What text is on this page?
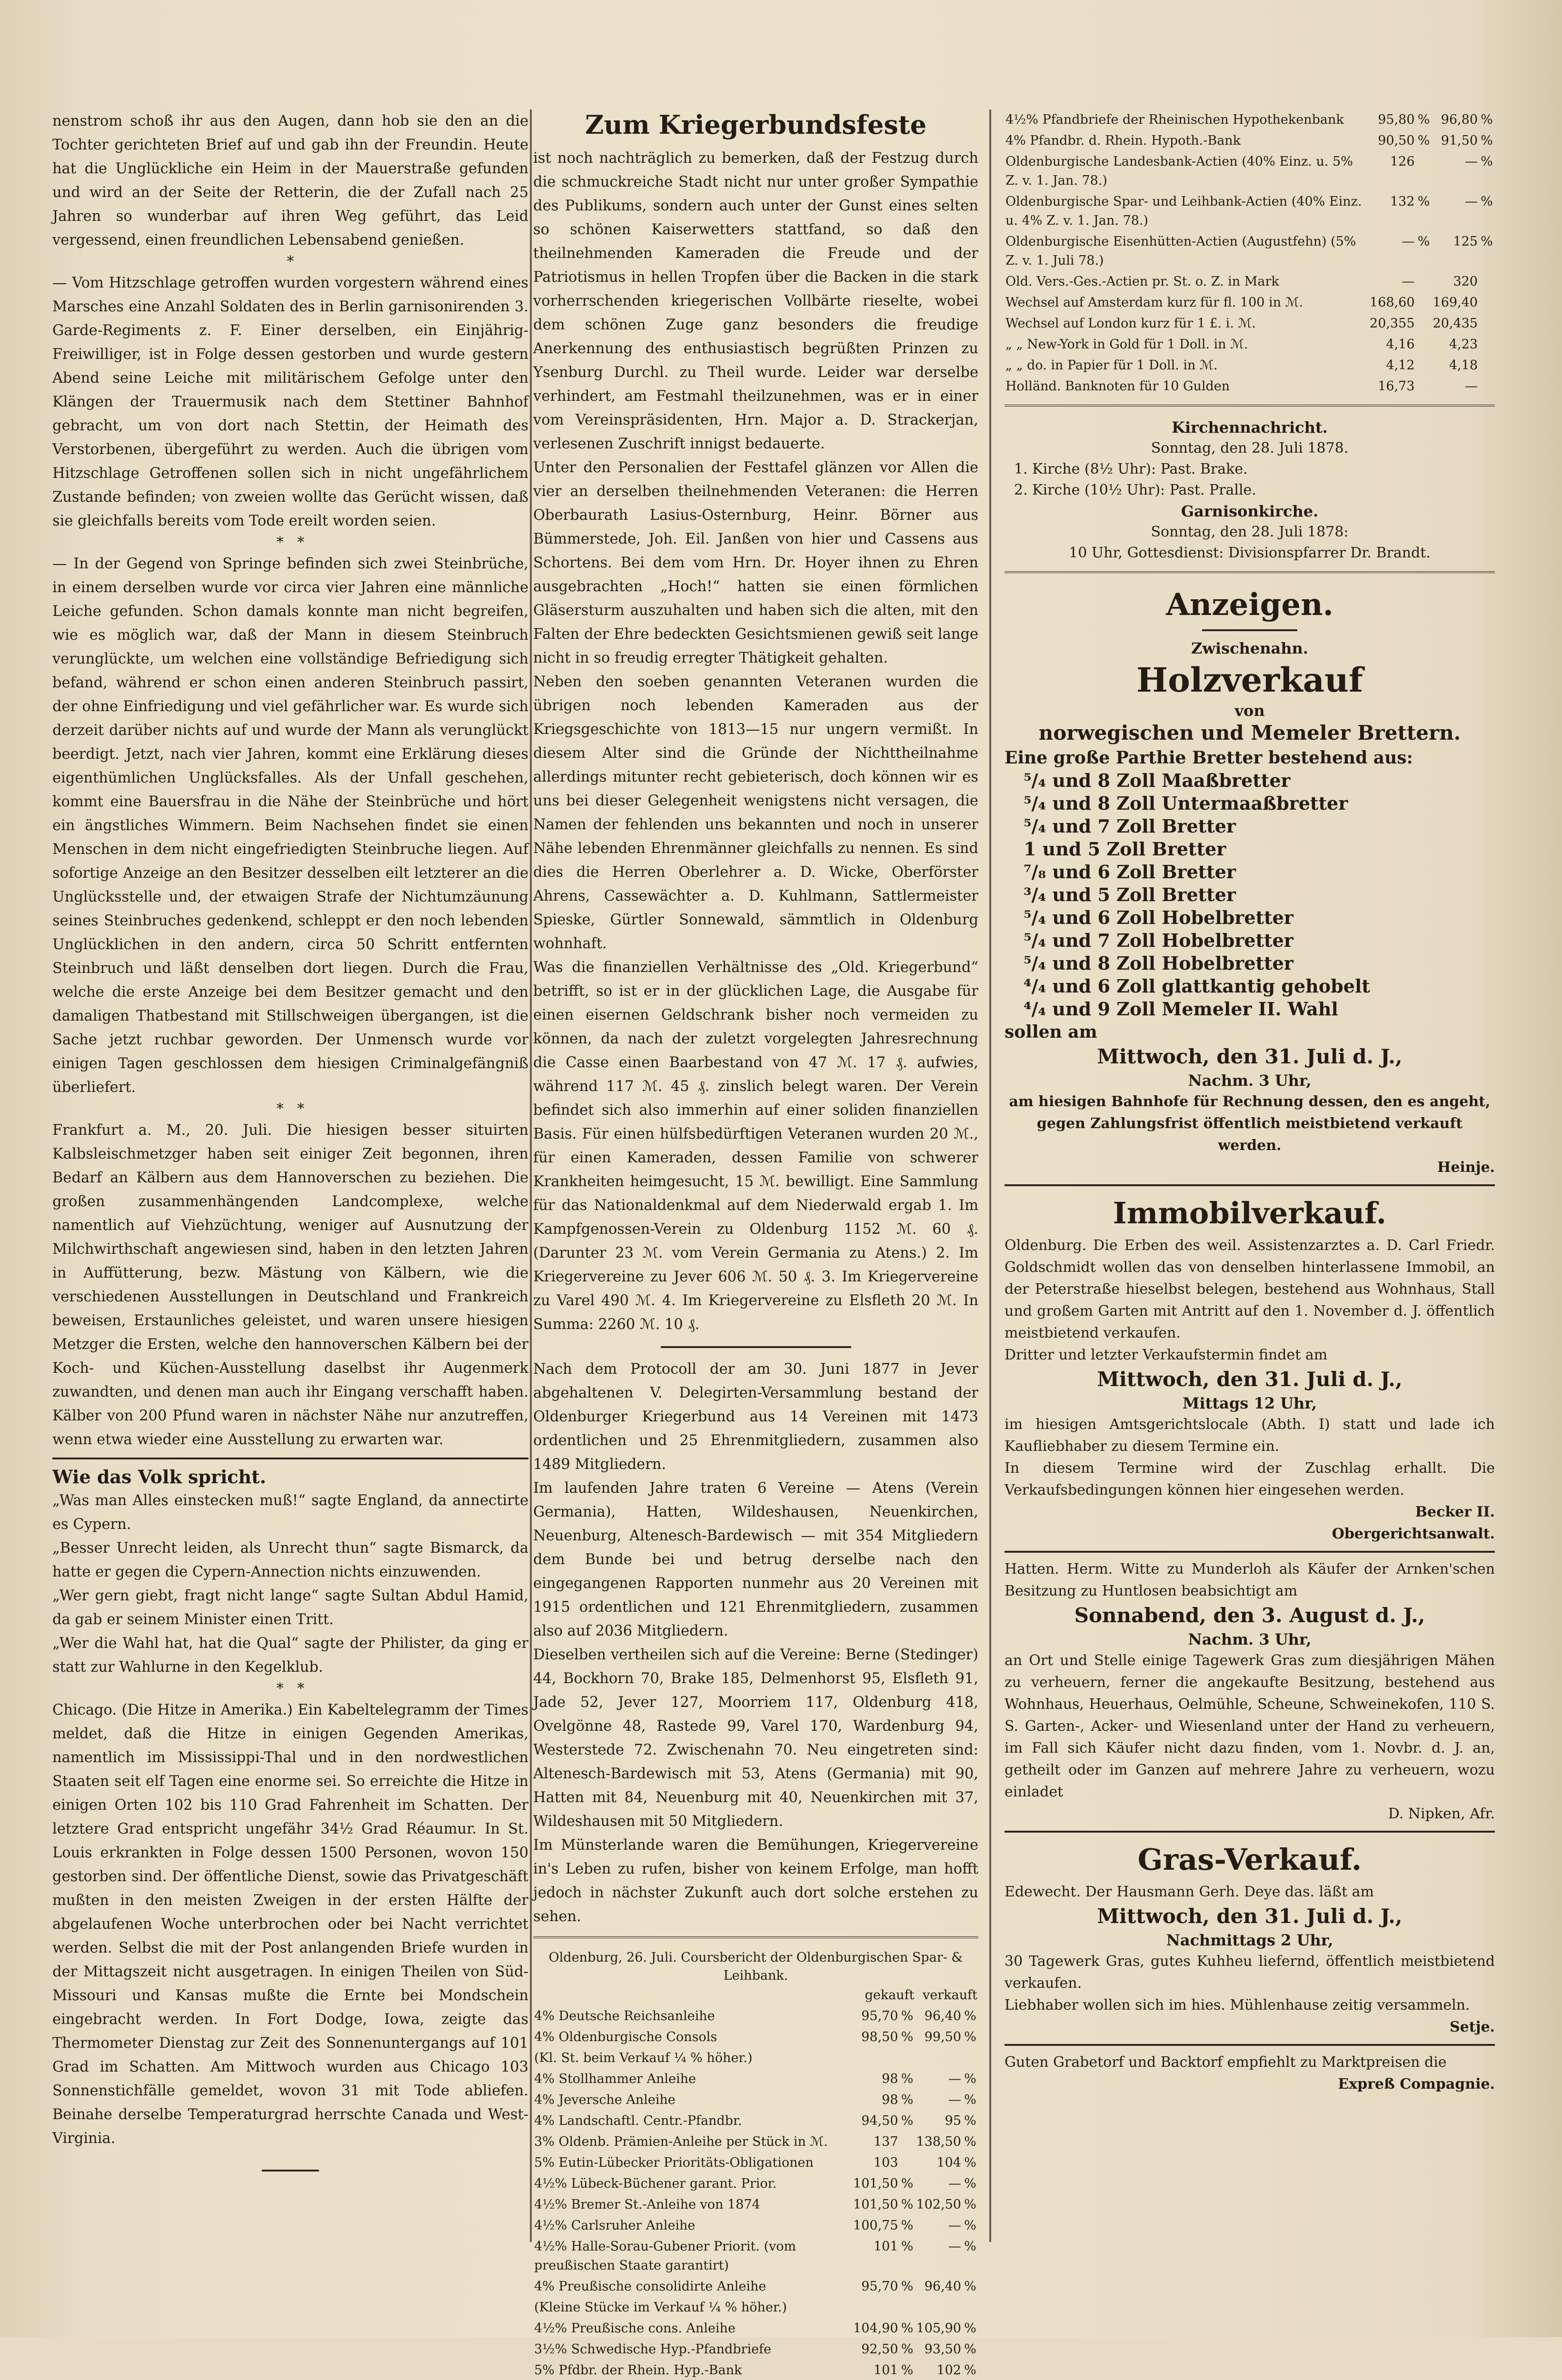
nenstrom schoß ihr aus den Augen, dann hob sie den an die Tochter gerichteten Brief auf und gab ihn der Freundin. Heute hat die Unglückliche ein Heim in der Mauerstraße gefunden und wird an der Seite der Retterin, die der Zufall nach 25 Jahren so wunderbar auf ihren Weg geführt, das Leid vergessend, einen freundlichen Lebensabend genießen.

*

— Vom Hitzschlage getroffen wurden vorgestern während eines Marsches eine Anzahl Soldaten des in Berlin garnisonirenden 3. Garde-Regiments z. F. Einer derselben, ein Einjährig-Freiwilliger, ist in Folge dessen gestorben und wurde gestern Abend seine Leiche mit militärischem Gefolge unter den Klängen der Trauermusik nach dem Stettiner Bahnhof gebracht, um von dort nach Stettin, der Heimath des Verstorbenen, übergeführt zu werden. Auch die übrigen vom Hitzschlage Getroffenen sollen sich in nicht ungefährlichem Zustande befinden; von zweien wollte das Gerücht wissen, daß sie gleichfalls bereits vom Tode ereilt worden seien.

*   *

— In der Gegend von Springe befinden sich zwei Steinbrüche, in einem derselben wurde vor circa vier Jahren eine männliche Leiche gefunden. Schon damals konnte man nicht begreifen, wie es möglich war, daß der Mann in diesem Steinbruch verunglückte, um welchen eine vollständige Befriedigung sich befand, während er schon einen anderen Steinbruch passirt, der ohne Einfriedigung und viel gefährlicher war. Es wurde sich derzeit darüber nichts auf und wurde der Mann als verunglückt beerdigt. Jetzt, nach vier Jahren, kommt eine Erklärung dieses eigenthümlichen Unglücksfalles. Als der Unfall geschehen, kommt eine Bauersfrau in die Nähe der Steinbrüche und hört ein ängstliches Wimmern. Beim Nachsehen findet sie einen Menschen in dem nicht eingefriedigten Steinbruche liegen. Auf sofortige Anzeige an den Besitzer desselben eilt letzterer an die Unglücksstelle und, der etwaigen Strafe der Nichtumzäunung seines Steinbruches gedenkend, schleppt er den noch lebenden Unglücklichen in den andern, circa 50 Schritt entfernten Steinbruch und läßt denselben dort liegen. Durch die Frau, welche die erste Anzeige bei dem Besitzer gemacht und den damaligen Thatbestand mit Stillschweigen übergangen, ist die Sache jetzt ruchbar geworden. Der Unmensch wurde vor einigen Tagen geschlossen dem hiesigen Criminalgefängniß überliefert.

*   *

Frankfurt a. M., 20. Juli. Die hiesigen besser situirten Kalbsleischmetzger haben seit einiger Zeit begonnen, ihren Bedarf an Kälbern aus dem Hannoverschen zu beziehen. Die großen zusammenhängenden Landcomplexe, welche namentlich auf Viehzüchtung, weniger auf Ausnutzung der Milchwirthschaft angewiesen sind, haben in den letzten Jahren in Auffütterung, bezw. Mästung von Kälbern, wie die verschiedenen Ausstellungen in Deutschland und Frankreich beweisen, Erstaunliches geleistet, und waren unsere hiesigen Metzger die Ersten, welche den hannoverschen Kälbern bei der Koch- und Küchen-Ausstellung daselbst ihr Augenmerk zuwandten, und denen man auch ihr Eingang verschafft haben. Kälber von 200 Pfund waren in nächster Nähe nur anzutreffen, wenn etwa wieder eine Ausstellung zu erwarten war.

Wie das Volk spricht.

„Was man Alles einstecken muß!“ sagte England, da annectirte es Cypern.

„Besser Unrecht leiden, als Unrecht thun“ sagte Bismarck, da hatte er gegen die Cypern-Annection nichts einzuwenden.

„Wer gern giebt, fragt nicht lange“ sagte Sultan Abdul Hamid, da gab er seinem Minister einen Tritt.

„Wer die Wahl hat, hat die Qual“ sagte der Philister, da ging er statt zur Wahlurne in den Kegelklub.

*   *

Chicago. (Die Hitze in Amerika.) Ein Kabeltelegramm der Times meldet, daß die Hitze in einigen Gegenden Amerikas, namentlich im Mississippi-Thal und in den nordwestlichen Staaten seit elf Tagen eine enorme sei. So erreichte die Hitze in einigen Orten 102 bis 110 Grad Fahrenheit im Schatten. Der letztere Grad entspricht ungefähr 34½ Grad Réaumur. In St. Louis erkrankten in Folge dessen 1500 Personen, wovon 150 gestorben sind. Der öffentliche Dienst, sowie das Privatgeschäft mußten in den meisten Zweigen in der ersten Hälfte der abgelaufenen Woche unterbrochen oder bei Nacht verrichtet werden. Selbst die mit der Post anlangenden Briefe wurden in der Mittagszeit nicht ausgetragen. In einigen Theilen von Süd-Missouri und Kansas mußte die Ernte bei Mondschein eingebracht werden. In Fort Dodge, Iowa, zeigte das Thermometer Dienstag zur Zeit des Sonnenuntergangs auf 101 Grad im Schatten. Am Mittwoch wurden aus Chicago 103 Sonnenstichfälle gemeldet, wovon 31 mit Tode abliefen. Beinahe derselbe Temperaturgrad herrschte Canada und West-Virginia.

Zum Kriegerbundsfeste

ist noch nachträglich zu bemerken, daß der Festzug durch die schmuckreiche Stadt nicht nur unter großer Sympathie des Publikums, sondern auch unter der Gunst eines selten so schönen Kaiserwetters stattfand, so daß den theilnehmenden Kameraden die Freude und der Patriotismus in hellen Tropfen über die Backen in die stark vorherrschenden kriegerischen Vollbärte rieselte, wobei dem schönen Zuge ganz besonders die freudige Anerkennung des enthusiastisch begrüßten Prinzen zu Ysenburg Durchl. zu Theil wurde. Leider war derselbe verhindert, am Festmahl theilzunehmen, was er in einer vom Vereinspräsidenten, Hrn. Major a. D. Strackerjan, verlesenen Zuschrift innigst bedauerte.

Unter den Personalien der Festtafel glänzen vor Allen die vier an derselben theilnehmenden Veteranen: die Herren Oberbaurath Lasius-Osternburg, Heinr. Börner aus Bümmerstede, Joh. Eil. Janßen von hier und Cassens aus Schortens. Bei dem vom Hrn. Dr. Hoyer ihnen zu Ehren ausgebrachten „Hoch!“ hatten sie einen förmlichen Gläsersturm auszuhalten und haben sich die alten, mit den Falten der Ehre bedeckten Gesichtsmienen gewiß seit lange nicht in so freudig erregter Thätigkeit gehalten.

Neben den soeben genannten Veteranen wurden die übrigen noch lebenden Kameraden aus der Kriegsgeschichte von 1813—15 nur ungern vermißt. In diesem Alter sind die Gründe der Nichttheilnahme allerdings mitunter recht gebieterisch, doch können wir es uns bei dieser Gelegenheit wenigstens nicht versagen, die Namen der fehlenden uns bekannten und noch in unserer Nähe lebenden Ehrenmänner gleichfalls zu nennen. Es sind dies die Herren Oberlehrer a. D. Wicke, Oberförster Ahrens, Cassewächter a. D. Kuhlmann, Sattlermeister Spieske, Gürtler Sonnewald, sämmtlich in Oldenburg wohnhaft.

Was die finanziellen Verhältnisse des „Old. Kriegerbund“ betrifft, so ist er in der glücklichen Lage, die Ausgabe für einen eisernen Geldschrank bisher noch vermeiden zu können, da nach der zuletzt vorgelegten Jahresrechnung die Casse einen Baarbestand von 47 ℳ. 17 ₰. aufwies, während 117 ℳ. 45 ₰. zinslich belegt waren. Der Verein befindet sich also immerhin auf einer soliden finanziellen Basis. Für einen hülfsbedürftigen Veteranen wurden 20 ℳ., für einen Kameraden, dessen Familie von schwerer Krankheiten heimgesucht, 15 ℳ. bewilligt. Eine Sammlung für das Nationaldenkmal auf dem Niederwald ergab 1. Im Kampfgenossen-Verein zu Oldenburg 1152 ℳ. 60 ₰. (Darunter 23 ℳ. vom Verein Germania zu Atens.) 2. Im Kriegervereine zu Jever 606 ℳ. 50 ₰. 3. Im Kriegervereine zu Varel 490 ℳ. 4. Im Kriegervereine zu Elsfleth 20 ℳ. In Summa: 2260 ℳ. 10 ₰.

Nach dem Protocoll der am 30. Juni 1877 in Jever abgehaltenen V. Delegirten-Versammlung bestand der Oldenburger Kriegerbund aus 14 Vereinen mit 1473 ordentlichen und 25 Ehrenmitgliedern, zusammen also 1489 Mitgliedern.

Im laufenden Jahre traten 6 Vereine — Atens (Verein Germania), Hatten, Wildeshausen, Neuenkirchen, Neuenburg, Altenesch-Bardewisch — mit 354 Mitgliedern dem Bunde bei und betrug derselbe nach den eingegangenen Rapporten nunmehr aus 20 Vereinen mit 1915 ordentlichen und 121 Ehrenmitgliedern, zusammen also auf 2036 Mitgliedern.

Dieselben vertheilen sich auf die Vereine: Berne (Stedinger) 44, Bockhorn 70, Brake 185, Delmenhorst 95, Elsfleth 91, Jade 52, Jever 127, Moorriem 117, Oldenburg 418, Ovelgönne 48, Rastede 99, Varel 170, Wardenburg 94, Westerstede 72. Zwischenahn 70. Neu eingetreten sind: Altenesch-Bardewisch mit 53, Atens (Germania) mit 90, Hatten mit 84, Neuenburg mit 40, Neuenkirchen mit 37, Wildeshausen mit 50 Mitgliedern.

Im Münsterlande waren die Bemühungen, Kriegervereine in's Leben zu rufen, bisher von keinem Erfolge, man hofft jedoch in nächster Zukunft auch dort solche erstehen zu sehen.

Oldenburg, 26. Juli. Coursbericht der Oldenburgischen Spar- & Leihbank.
	gekauft		verkauft	
4% Deutsche Reichsanleihe	95,70	%	96,40	%
4% Oldenburgische Consols	98,50	%	99,50	%
(Kl. St. beim Verkauf ¼ % höher.)				
4% Stollhammer Anleihe	98	%	—	%
4% Jeversche Anleihe	98	%	—	%
4% Landschaftl. Centr.-Pfandbr.	94,50	%	95	%
3% Oldenb. Prämien-Anleihe per Stück in ℳ.	137		138,50	%
5% Eutin-Lübecker Prioritäts-Obligationen	103		104	%
4½% Lübeck-Büchener garant. Prior.	101,50	%	—	%
4½% Bremer St.-Anleihe von 1874	101,50	%	102,50	%
4½% Carlsruher Anleihe	100,75	%	—	%
4½% Halle-Sorau-Gubener Priorit. (vom preußischen Staate garantirt)	101	%	—	%
4% Preußische consolidirte Anleihe	95,70	%	96,40	%
(Kleine Stücke im Verkauf ¼ % höher.)				
4½% Preußische cons. Anleihe	104,90	%	105,90	%
3½% Schwedische Hyp.-Pfandbriefe	92,50	%	93,50	%
5% Pfdbr. der Rhein. Hyp.-Bank	101	%	102	%
4½% Pfandbriefe der Rheinischen Hypothekenbank	95,80	%	96,80	%
4% Pfandbr. d. Rhein. Hypoth.-Bank	90,50	%	91,50	%
Oldenburgische Landesbank-Actien (40% Einz. u. 5% Z. v. 1. Jan. 78.)	126		—	%
Oldenburgische Spar- und Leihbank-Actien (40% Einz. u. 4% Z. v. 1. Jan. 78.)	132	%	—	%
Oldenburgische Eisenhütten-Actien (Augustfehn) (5% Z. v. 1. Juli 78.)	—	%	125	%
Old. Vers.-Ges.-Actien pr. St. o. Z. in Mark	—		320	
Wechsel auf Amsterdam kurz für fl. 100 in ℳ.	168,60		169,40	
Wechsel auf London kurz für 1 £. i. ℳ.	20,355		20,435	
„ „ New-York in Gold für 1 Doll. in ℳ.	4,16		4,23	
„ „ do. in Papier für 1 Doll. in ℳ.	4,12		4,18	
Holländ. Banknoten für 10 Gulden	16,73		—	
Kirchennachricht.
Sonntag, den 28. Juli 1878.
1. Kirche (8½ Uhr): Past. Brake.
2. Kirche (10½ Uhr): Past. Pralle.
Garnisonkirche.
Sonntag, den 28. Juli 1878:
10 Uhr, Gottesdienst: Divisionspfarrer Dr. Brandt.
Anzeigen.
Zwischenahn.
Holzverkauf
von
norwegischen und Memeler Brettern.
Eine große Parthie Bretter bestehend aus:
⁵/₄ und 8 Zoll Maaßbretter
⁵/₄ und 8 Zoll Untermaaßbretter
⁵/₄ und 7 Zoll Bretter
1 und 5 Zoll Bretter
⁷/₈ und 6 Zoll Bretter
³/₄ und 5 Zoll Bretter
⁵/₄ und 6 Zoll Hobelbretter
⁵/₄ und 7 Zoll Hobelbretter
⁵/₄ und 8 Zoll Hobelbretter
⁴/₄ und 6 Zoll glattkantig gehobelt
⁴/₄ und 9 Zoll Memeler II. Wahl
sollen am
Mittwoch, den 31. Juli d. J.,
Nachm. 3 Uhr,
am hiesigen Bahnhofe für Rechnung dessen, den es angeht, gegen Zahlungsfrist öffentlich meistbietend verkauft werden.
Heinje.
Immobilverkauf.
Oldenburg. Die Erben des weil. Assistenzarztes a. D. Carl Friedr. Goldschmidt wollen das von denselben hinterlassene Immobil, an der Peterstraße hieselbst belegen, bestehend aus Wohnhaus, Stall und großem Garten mit Antritt auf den 1. November d. J. öffentlich meistbietend verkaufen.
Dritter und letzter Verkaufstermin findet am
Mittwoch, den 31. Juli d. J.,
Mittags 12 Uhr,
im hiesigen Amtsgerichtslocale (Abth. I) statt und lade ich Kaufliebhaber zu diesem Termine ein.
In diesem Termine wird der Zuschlag erhallt. Die Verkaufsbedingungen können hier eingesehen werden.
Becker II.
Obergerichtsanwalt.
Hatten. Herm. Witte zu Munderloh als Käufer der Arnken'schen Besitzung zu Huntlosen beabsichtigt am
Sonnabend, den 3. August d. J.,
Nachm. 3 Uhr,
an Ort und Stelle einige Tagewerk Gras zum diesjährigen Mähen zu verheuern, ferner die angekaufte Besitzung, bestehend aus Wohnhaus, Heuerhaus, Oelmühle, Scheune, Schweinekofen, 110 S. S. Garten-, Acker- und Wiesenland unter der Hand zu verheuern, im Fall sich Käufer nicht dazu finden, vom 1. Novbr. d. J. an, getheilt oder im Ganzen auf mehrere Jahre zu verheuern, wozu einladet
D. Nipken, Afr.
Gras-Verkauf.
Edewecht. Der Hausmann Gerh. Deye das. läßt am
Mittwoch, den 31. Juli d. J.,
Nachmittags 2 Uhr,
30 Tagewerk Gras, gutes Kuhheu liefernd, öffentlich meistbietend verkaufen.
Liebhaber wollen sich im hies. Mühlenhause zeitig versammeln.
Setje.
Guten Grabetorf und Backtorf empfiehlt zu Marktpreisen die
Expreß Compagnie.
